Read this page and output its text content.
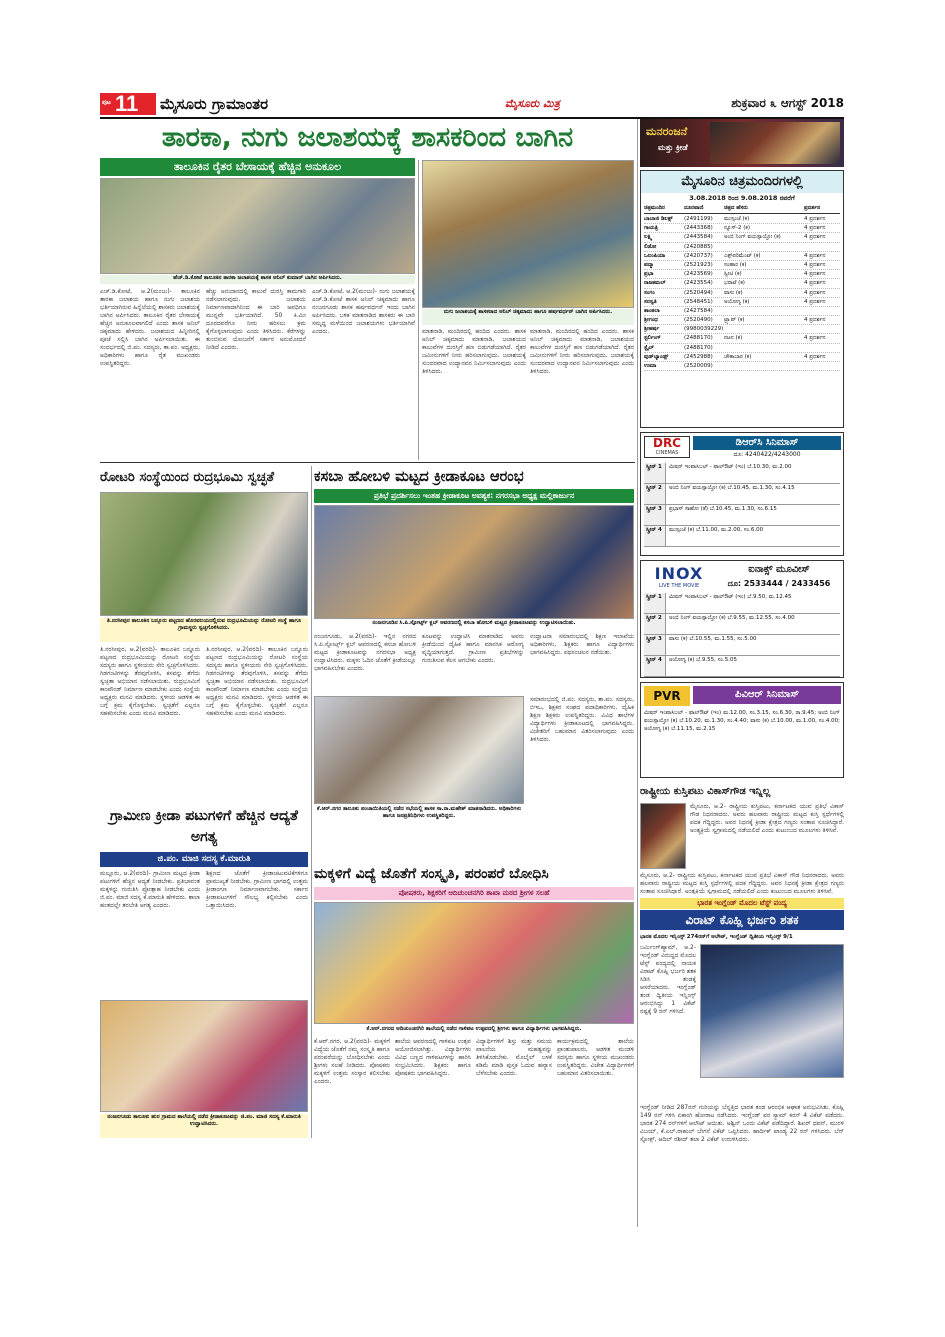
ಪುಟ 11 ಮೈಸೂರು ಗ್ರಾಮಾಂತರ	ಮೈಸೂರು ಮಿತ್ರ	ಶುಕ್ರವಾರ ೩ ಆಗಸ್ಟ್ 2018
ತಾರಕಾ, ನುಗು ಜಲಾಶಯಕ್ಕೆ ಶಾಸಕರಿಂದ ಬಾಗಿನ	ಮನರಂಜನೆ
ಮತ್ತು ಕ್ರೀಡೆ
ತಾಲೂಕಿನ ರೈತರ ಬೇಸಾಯಕ್ಕೆ ಹೆಚ್ಚಿನ ಅನುಕೂಲ
ಹೆಚ್.ಡಿ.ಕೋಟೆ ತಾಲೂಕಿನ ತಾರಕಾ ಜಲಾಶಯಕ್ಕೆ ಶಾಸಕ ಅನಿಲ್ ಕುಮಾರ್ ಬಾಗಿನ ಅರ್ಪಿಸಿದರು.
ನುಗು ಜಲಾಶಯಕ್ಕೆ ಶಾಸಕರಾದ ಅನಿಲ್ ಚಿಕ್ಕಮಾದು ಹಾಗೂ ಹರ್ಷವರ್ಧನ್ ಬಾಗಿನ ಅರ್ಪಿಸಿದರು.
ಎಚ್.ಡಿ.ಕೋಟೆ, ಆ.2(ಮಂಜು)- ತಾಲೂಕಿನ ತಾರಕಾ ಜಲಾಶಯ ಹಾಗೂ ನುಗು ಜಲಾಶಯ ಭರ್ತಿಯಾಗಿರುವ ಹಿನ್ನೆಲೆಯಲ್ಲಿ ಶಾಸಕರು ಜಲಾಶಯಕ್ಕೆ ಬಾಗಿನ ಅರ್ಪಿಸಿದರು. ತಾಲೂಕಿನ ರೈತರ ಬೇಸಾಯಕ್ಕೆ ಹೆಚ್ಚಿನ ಅನುಕೂಲವಾಗಲಿದೆ ಎಂದು ಶಾಸಕ ಅನಿಲ್ ಚಿಕ್ಕಮಾದು ಹೇಳಿದರು. ಜಲಾಶಯದ ಹಿನ್ನೀರಿನಲ್ಲಿ ಪೂಜೆ ಸಲ್ಲಿಸಿ ಬಾಗಿನ ಅರ್ಪಿಸಲಾಯಿತು. ಈ ಸಂದರ್ಭದಲ್ಲಿ ಜಿ.ಪಂ. ಸದಸ್ಯರು, ತಾ.ಪಂ. ಅಧ್ಯಕ್ಷರು, ಅಧಿಕಾರಿಗಳು ಹಾಗೂ ರೈತ ಮುಖಂಡರು ಉಪಸ್ಥಿತರಿದ್ದರು.
ಹೆಚ್ಚು ಅನುದಾನದಲ್ಲಿ ಕಾಲುವೆ ದುರಸ್ತಿ ಕಾಮಗಾರಿ ನಡೆಸಲಾಗುವುದು. ಜಲಾಶಯ ನಿರ್ಮಾಣವಾದಾಗಿನಿಂದ ಈ ಬಾರಿ ಅವಧಿಗೂ ಮುನ್ನವೇ ಭರ್ತಿಯಾಗಿದೆ. 50 ಕಿ.ಮೀ ದೂರದವರೆಗೂ ನೀರು ಹರಿಸಲು ಕ್ರಮ ಕೈಗೊಳ್ಳಲಾಗುವುದು ಎಂದು ತಿಳಿಸಿದರು. ಕೆರೆಗಳನ್ನು ತುಂಬಿಸುವ ಯೋಜನೆಗೆ ಸರ್ಕಾರ ಅನುಮೋದನೆ ನೀಡಿದೆ ಎಂದರು.
ಎಚ್.ಡಿ.ಕೋಟೆ, ಆ.2(ಮಂಜು)- ನುಗು ಜಲಾಶಯಕ್ಕೆ ಎಚ್.ಡಿ.ಕೋಟೆ ಶಾಸಕ ಅನಿಲ್ ಚಿಕ್ಕಮಾದು ಹಾಗೂ ನಂಜನಗೂಡು ಶಾಸಕ ಹರ್ಷವರ್ಧನ್ ಇಂದು ಬಾಗಿನ ಅರ್ಪಿಸಿದರು. ಬಳಿಕ ಮಾತನಾಡಿದ ಶಾಸಕರು ಈ ಬಾರಿ ಸಮೃದ್ಧ ಮಳೆಯಿಂದ ಜಲಾಶಯಗಳು ಭರ್ತಿಯಾಗಿವೆ ಎಂದರು.	ಮಾತನಾಡಿ, ಮಂದಿರದಲ್ಲಿ ಹಂದಿದ ಎಂದರು. ಶಾಸಕ ಅನಿಲ್ ಚಿಕ್ಕಮಾದು ಮಾತನಾಡಿ, ಜಲಾಶಯದ ಕಾಲುವೆಗಳ ದುರಸ್ತಿಗೆ ಹಣ ಬಿಡುಗಡೆಯಾಗಿದೆ. ರೈತರ ಜಮೀನುಗಳಿಗೆ ನೀರು ಹರಿಸಲಾಗುವುದು. ಜಲಾಶಯಕ್ಕೆ ಸುಂದರವಾದ ಉದ್ಯಾನವನ ನಿರ್ಮಿಸಲಾಗುವುದು ಎಂದು ತಿಳಿಸಿದರು.
ಮಾತನಾಡಿ, ಮಂದಿರದಲ್ಲಿ ಹಂದಿದ ಎಂದರು. ಶಾಸಕ ಅನಿಲ್ ಚಿಕ್ಕಮಾದು ಮಾತನಾಡಿ, ಜಲಾಶಯದ ಕಾಲುವೆಗಳ ದುರಸ್ತಿಗೆ ಹಣ ಬಿಡುಗಡೆಯಾಗಿದೆ. ರೈತರ ಜಮೀನುಗಳಿಗೆ ನೀರು ಹರಿಸಲಾಗುವುದು. ಜಲಾಶಯಕ್ಕೆ ಸುಂದರವಾದ ಉದ್ಯಾನವನ ನಿರ್ಮಿಸಲಾಗುವುದು ಎಂದು ತಿಳಿಸಿದರು.
ಮೈಸೂರಿನ ಚಿತ್ರಮಂದಿರಗಳಲ್ಲಿ
3.08.2018 ರಿಂದ 9.08.2018 ರವರೆಗೆ
ಚಿತ್ರಮಂದಿರ	ದೂರವಾಣಿ	ಚಿತ್ರದ ಹೆಸರು	ಪ್ರದರ್ಶನ
ಬಾಲಾಜಿ ಡಿಲಕ್ಸ್	(2491199)	ಮುಸ್ಸಂಜೆ (ಕ)	4 ಪ್ರದರ್ಶನ
ಗಾಯತ್ರಿ	(2443368)	ನ್ಯೂಸ್-2 (ಕ)	4 ಪ್ರದರ್ಶನ
ಲಕ್ಷ್ಮಿ	(2443584)	ಅಂಬಿ ನಿಂಗ್ ವಯಸ್ಸಾಯ್ತೋ (ಕ)	4 ಪ್ರದರ್ಶನ
ಲಿಡೋ	(2420885)
ಒಲಂಪಿಯಾ	(2420737)	ಎಕ್ಸ್‌ಪರಿಮೆಂಟ್ (ಕ)	4 ಪ್ರದರ್ಶನ
ಪದ್ಮಾ	(2521923)	ಸಂಹಾರ (ಕ)	4 ಪ್ರದರ್ಶನ
ಪ್ರಭಾ	(2423569)	ಸ್ವೀಟಿ (ಕ)	4 ಪ್ರದರ್ಶನ
ರಾಜಕಮಲ್	(2423554)	ಭರಾಟೆ (ಕ)	4 ಪ್ರದರ್ಶನ
ಸಂಗಂ	(2520494)	ವಾಸು (ಕ)	4 ಪ್ರದರ್ಶನ
ಸರಸ್ವತಿ	(2548451)	ಅಯೋಗ್ಯ (ಕ)	4 ಪ್ರದರ್ಶನ
ಶಾಂತಲಾ	(2427584)
ಶ್ರೀಗಂಧ	(2520490)	ಟ್ರ್ಯಾಪ್ (ಕ)	4 ಪ್ರದರ್ಶನ
ಶ್ರೀಹರ್ಷ	(9980039229)
ಸ್ಟರ್ಲಿಂಗ್	(2488170)	ನಟನ (ಕ)	4 ಪ್ರದರ್ಶನ
ಸ್ಟೈಲ್	(2488170)
ವುಡ್‌ಲ್ಯಾಂಡ್ಸ್	(2452988)	ಚೌಕಾಬಾರ (ಕ)	4 ಪ್ರದರ್ಶನ
ಉಮಾ	(2520009)
DRC
CINEMAS
ಡಿಆರ್‌ಸಿ ಸಿನಿಮಾಸ್
ದೂ: 4240422/4243000
ಸ್ಕ್ರೀನ್ 1	ಮಿಷನ್ ಇಂಪಾಸಿಬಲ್ - ಫಾಲ್‌ಔಟ್ (ಇಂ) ಬೆ.10.30, ಮ.2.00
ಸ್ಕ್ರೀನ್ 2	ಅಂಬಿ ನಿಂಗ್ ವಯಸ್ಸಾಯ್ತೋ (ಕ) ಬೆ.10.45, ಮ.1.30, ಸಂ.4.15
ಸ್ಕ್ರೀನ್ 3	ಪ್ರಭಾಸ್ ಸಾಹೋ (ತೆ) ಬೆ.10.45, ಮ.1.30, ಸಂ.6.15
ಸ್ಕ್ರೀನ್ 4	ಮುಸ್ಸಂಜೆ (ಕ) ಬೆ.11.00, ಮ.2.00, ಸಂ.6.00
INOX
LIVE THE MOVIE
ಐನಾಕ್ಸ್ ಮೂವೀಸ್
ದೂ: 2533444 / 2433456
ಸ್ಕ್ರೀನ್ 1	ಮಿಷನ್ ಇಂಪಾಸಿಬಲ್ - ಫಾಲ್‌ಔಟ್ (ಇಂ) ಬೆ.9.50, ಮ.12.45
ಸ್ಕ್ರೀನ್ 2	ಅಂಬಿ ನಿಂಗ್ ವಯಸ್ಸಾಯ್ತೋ (ಕ) ಬೆ.9.55, ಮ.12.55, ಸಂ.4.00
ಸ್ಕ್ರೀನ್ 3	ವಾಸು (ಕ) ಬೆ.10.55, ಮ.1.55, ಸಂ.5.00
ಸ್ಕ್ರೀನ್ 4	ಅಯೋಗ್ಯ (ಕ) ಬೆ.9.55, ಸಂ.5.05
PVR	ಪಿವಿಆರ್ ಸಿನಿಮಾಸ್
ಮಿಷನ್ ಇಂಪಾಸಿಬಲ್ - ಫಾಲ್‌ಔಟ್ (ಇಂ) ಮ.12.00, ಸಂ.3.15, ಸಂ.6.30, ರಾ.9.45; ಅಂಬಿ ನಿಂಗ್ ವಯಸ್ಸಾಯ್ತೋ (ಕ) ಬೆ.10.20, ಮ.1.30, ಸಂ.4.40; ವಾಸು (ಕ) ಬೆ.10.00, ಮ.1.00, ಸಂ.4.00; ಅಯೋಗ್ಯ (ಕ) ಬೆ.11.15, ಮ.2.15
ರೋಟರಿ ಸಂಸ್ಥೆಯಿಂದ ರುದ್ರಭೂಮಿ ಸ್ವಚ್ಛತೆ
ತಿ.ನರಸೀಪುರ ತಾಲೂಕಿನ ಬನ್ನೂರು ಪಟ್ಟಣದ ಹೊರವಲಯದಲ್ಲಿರುವ ರುದ್ರಭೂಮಿಯನ್ನು ರೋಟರಿ ಸಂಸ್ಥೆ ಹಾಗೂ ಗ್ರಾಮಸ್ಥರು ಸ್ವಚ್ಛಗೊಳಿಸಿದರು.
ತಿ.ನರಸೀಪುರ, ಆ.2(ವರದಿ)- ತಾಲೂಕಿನ ಬನ್ನೂರು ಪಟ್ಟಣದ ರುದ್ರಭೂಮಿಯನ್ನು ರೋಟರಿ ಸಂಸ್ಥೆಯ ಸದಸ್ಯರು ಹಾಗೂ ಸ್ಥಳೀಯರು ಸೇರಿ ಸ್ವಚ್ಛಗೊಳಿಸಿದರು. ಗಿಡಗಂಟಿಗಳನ್ನು ತೆರವುಗೊಳಿಸಿ, ಕಸವನ್ನು ತೆಗೆದು ಸ್ವಚ್ಛತಾ ಅಭಿಯಾನ ನಡೆಸಲಾಯಿತು. ರುದ್ರಭೂಮಿಗೆ ಕಾಂಪೌಂಡ್ ನಿರ್ಮಾಣ ಮಾಡಬೇಕು ಎಂದು ಸಂಸ್ಥೆಯ ಅಧ್ಯಕ್ಷರು ಮನವಿ ಮಾಡಿದರು. ಸ್ಥಳೀಯ ಆಡಳಿತ ಈ ಬಗ್ಗೆ ಕ್ರಮ ಕೈಗೊಳ್ಳಬೇಕು. ಸ್ವಚ್ಛತೆಗೆ ಎಲ್ಲರೂ ಸಹಕರಿಸಬೇಕು ಎಂದು ಮನವಿ ಮಾಡಿದರು.
ತಿ.ನರಸೀಪುರ, ಆ.2(ವರದಿ)- ತಾಲೂಕಿನ ಬನ್ನೂರು ಪಟ್ಟಣದ ರುದ್ರಭೂಮಿಯನ್ನು ರೋಟರಿ ಸಂಸ್ಥೆಯ ಸದಸ್ಯರು ಹಾಗೂ ಸ್ಥಳೀಯರು ಸೇರಿ ಸ್ವಚ್ಛಗೊಳಿಸಿದರು. ಗಿಡಗಂಟಿಗಳನ್ನು ತೆರವುಗೊಳಿಸಿ, ಕಸವನ್ನು ತೆಗೆದು ಸ್ವಚ್ಛತಾ ಅಭಿಯಾನ ನಡೆಸಲಾಯಿತು. ರುದ್ರಭೂಮಿಗೆ ಕಾಂಪೌಂಡ್ ನಿರ್ಮಾಣ ಮಾಡಬೇಕು ಎಂದು ಸಂಸ್ಥೆಯ ಅಧ್ಯಕ್ಷರು ಮನವಿ ಮಾಡಿದರು. ಸ್ಥಳೀಯ ಆಡಳಿತ ಈ ಬಗ್ಗೆ ಕ್ರಮ ಕೈಗೊಳ್ಳಬೇಕು. ಸ್ವಚ್ಛತೆಗೆ ಎಲ್ಲರೂ ಸಹಕರಿಸಬೇಕು ಎಂದು ಮನವಿ ಮಾಡಿದರು.
ಕಸಬಾ ಹೋಬಳಿ ಮಟ್ಟದ ಕ್ರೀಡಾಕೂಟ ಆರಂಭ
ಪ್ರತಿಭೆ ಪ್ರದರ್ಶಿಸಲು ಇಂತಹ ಕ್ರೀಡಾಕೂಟ ಅವಶ್ಯಕ: ನಗರಸಭಾ ಅಧ್ಯಕ್ಷ ಮಲ್ಲಿಕಾರ್ಜುನ
ನಂಜನಗೂಡಿನ ಸಿ.ಪಿ.ಸ್ಪೋರ್ಟ್ಸ್ ಕ್ಲಬ್ ಆವರಣದಲ್ಲಿ ಕಸಬಾ ಹೋಬಳಿ ಮಟ್ಟದ ಕ್ರೀಡಾಕೂಟವನ್ನು ಉದ್ಘಾಟಿಸಲಾಯಿತು.
ನಂಜನಗೂಡು, ಆ.2(ವರದಿ)- ಇಲ್ಲಿನ ನಗರದ ಸಿ.ಪಿ.ಸ್ಪೋರ್ಟ್ಸ್ ಕ್ಲಬ್ ಆವರಣದಲ್ಲಿ ಕಸಬಾ ಹೋಬಳಿ ಮಟ್ಟದ ಕ್ರೀಡಾಕೂಟವನ್ನು ನಗರಸಭಾ ಅಧ್ಯಕ್ಷ ಉದ್ಘಾಟಿಸಿದರು. ಮಕ್ಕಳು ಓದಿನ ಜೊತೆಗೆ ಕ್ರೀಡೆಯಲ್ಲೂ ಭಾಗವಹಿಸಬೇಕು ಎಂದರು.
ಕೂಟವನ್ನು ಉದ್ಘಾಟಿಸಿ ಮಾತನಾಡಿದ ಅವರು ಕ್ರೀಡೆಯಿಂದ ದೈಹಿಕ ಹಾಗೂ ಮಾನಸಿಕ ಆರೋಗ್ಯ ವೃದ್ಧಿಯಾಗುತ್ತದೆ. ಗ್ರಾಮೀಣ ಪ್ರತಿಭೆಗಳನ್ನು ಗುರುತಿಸುವ ಕೆಲಸ ಆಗಬೇಕು ಎಂದರು.
ಉದ್ಘಾಟನಾ ಸಮಾರಂಭದಲ್ಲಿ ಶಿಕ್ಷಣ ಇಲಾಖೆಯ ಅಧಿಕಾರಿಗಳು, ಶಿಕ್ಷಕರು ಹಾಗೂ ವಿದ್ಯಾರ್ಥಿಗಳು ಭಾಗವಹಿಸಿದ್ದರು. ಪಥಸಂಚಲನ ನಡೆಯಿತು.
ಕೆ.ಆರ್.ನಗರ ತಾಲೂಕು ಪಂಚಾಯಿತಿಯಲ್ಲಿ ನಡೆದ ಸಭೆಯಲ್ಲಿ ಶಾಸಕ ಸಾ.ರಾ.ಮಹೇಶ್ ಮಾತನಾಡಿದರು. ಅಧಿಕಾರಿಗಳು ಹಾಗೂ ಜನಪ್ರತಿನಿಧಿಗಳು ಉಪಸ್ಥಿತರಿದ್ದರು.
ಸಮಾರಂಭದಲ್ಲಿ ಜಿ.ಪಂ. ಸದಸ್ಯರು, ತಾ.ಪಂ. ಸದಸ್ಯರು, ಬಿಇಒ, ಶಿಕ್ಷಕರ ಸಂಘದ ಪದಾಧಿಕಾರಿಗಳು, ದೈಹಿಕ ಶಿಕ್ಷಣ ಶಿಕ್ಷಕರು ಉಪಸ್ಥಿತರಿದ್ದರು. ವಿವಿಧ ಶಾಲೆಗಳ ವಿದ್ಯಾರ್ಥಿಗಳು ಕ್ರೀಡಾಕೂಟದಲ್ಲಿ ಭಾಗವಹಿಸಿದ್ದರು. ವಿಜೇತರಿಗೆ ಬಹುಮಾನ ವಿತರಿಸಲಾಗುವುದು ಎಂದು ತಿಳಿಸಿದರು.
ಗ್ರಾಮೀಣ ಕ್ರೀಡಾ ಪಟುಗಳಿಗೆ ಹೆಚ್ಚಿನ ಆದ್ಯತೆ ಅಗತ್ಯ
ಜಿ.ಪಂ. ಮಾಜಿ ಸದಸ್ಯ ಕೆ.ಮಾರುತಿ
ಮಲ್ಲೂರು, ಆ.2(ವರದಿ)- ಗ್ರಾಮೀಣ ಮಟ್ಟದ ಕ್ರೀಡಾ ಪಟುಗಳಿಗೆ ಹೆಚ್ಚಿನ ಆದ್ಯತೆ ನೀಡಬೇಕು. ಪ್ರತಿಭಾವಂತ ಮಕ್ಕಳನ್ನು ಗುರುತಿಸಿ ಪ್ರೋತ್ಸಾಹ ನೀಡಬೇಕು ಎಂದು ಜಿ.ಪಂ. ಮಾಜಿ ಸದಸ್ಯ ಕೆ.ಮಾರುತಿ ಹೇಳಿದರು. ಶಾಲಾ ಹಂತದಲ್ಲೇ ತರಬೇತಿ ಅಗತ್ಯ ಎಂದರು.
ಶಿಕ್ಷಣದ ಜೊತೆಗೆ ಕ್ರೀಡಾಚಟುವಟಿಕೆಗಳಿಗೂ ಪ್ರಾಮುಖ್ಯತೆ ನೀಡಬೇಕು. ಗ್ರಾಮೀಣ ಭಾಗದಲ್ಲಿ ಉತ್ತಮ ಕ್ರೀಡಾಂಗಣ ನಿರ್ಮಾಣವಾಗಬೇಕು. ಸರ್ಕಾರ ಕ್ರೀಡಾಪಟುಗಳಿಗೆ ಸೌಲಭ್ಯ ಕಲ್ಪಿಸಬೇಕು ಎಂದು ಒತ್ತಾಯಿಸಿದರು.
ನಂಜನಗೂಡು ತಾಲೂಕು ಹುರ ಗ್ರಾಮದ ಶಾಲೆಯಲ್ಲಿ ನಡೆದ ಕ್ರೀಡಾಕೂಟವನ್ನು ಜಿ.ಪಂ. ಮಾಜಿ ಸದಸ್ಯ ಕೆ.ಮಾರುತಿ ಉದ್ಘಾಟಿಸಿದರು.
ಮಕ್ಕಳಿಗೆ ವಿದ್ಯೆ ಜೊತೆಗೆ ಸಂಸ್ಕೃತಿ, ಪರಂಪರೆ ಬೋಧಿಸಿ
ಪೋಷಕರು, ಶಿಕ್ಷಕರಿಗೆ ಆದಿಚುಂಚನಗಿರಿ ಶಾಖಾ ಮಠದ ಶ್ರೀಗಳ ಸಲಹೆ
ಕೆ.ಆರ್.ನಗರದ ಆದಿಚುಂಚನಗಿರಿ ಶಾಲೆಯಲ್ಲಿ ನಡೆದ ಗಾಳಿಪಟ ಉತ್ಸವದಲ್ಲಿ ಶ್ರೀಗಳು ಹಾಗೂ ವಿದ್ಯಾರ್ಥಿಗಳು ಭಾಗವಹಿಸಿದ್ದರು.
ಕೆ.ಆರ್.ನಗರ, ಆ.2(ವರದಿ)- ಮಕ್ಕಳಿಗೆ ವಿದ್ಯೆಯ ಜೊತೆಗೆ ನಮ್ಮ ಸಂಸ್ಕೃತಿ ಹಾಗೂ ಪರಂಪರೆಯನ್ನು ಬೋಧಿಸಬೇಕು ಎಂದು ಶ್ರೀಗಳು ಸಲಹೆ ನೀಡಿದರು. ಪೋಷಕರು ಮಕ್ಕಳಿಗೆ ಉತ್ತಮ ಸಂಸ್ಕಾರ ಕಲಿಸಬೇಕು ಎಂದರು.
ಶಾಲೆಯ ಆವರಣದಲ್ಲಿ ಗಾಳಿಪಟ ಉತ್ಸವ ಆಯೋಜಿಸಲಾಗಿತ್ತು. ವಿದ್ಯಾರ್ಥಿಗಳು ವಿವಿಧ ಬಣ್ಣದ ಗಾಳಿಪಟಗಳನ್ನು ಹಾರಿಸಿ ಸಂಭ್ರಮಿಸಿದರು. ಶಿಕ್ಷಕರು ಹಾಗೂ ಪೋಷಕರು ಭಾಗವಹಿಸಿದ್ದರು.
ವಿದ್ಯಾರ್ಥಿಗಳಿಗೆ ಶಿಸ್ತು ಮತ್ತು ಸಮಯ ಪಾಲನೆಯ ಮಹತ್ವವನ್ನು ತಿಳಿಸಿಕೊಡಬೇಕು. ಮೊಬೈಲ್ ಬಳಕೆ ಕಡಿಮೆ ಮಾಡಿ ಪುಸ್ತಕ ಓದುವ ಹವ್ಯಾಸ ಬೆಳೆಸಬೇಕು ಎಂದರು.
ಕಾರ್ಯಕ್ರಮದಲ್ಲಿ ಶಾಲೆಯ ಪ್ರಾಂಶುಪಾಲರು, ಆಡಳಿತ ಮಂಡಳಿ ಸದಸ್ಯರು ಹಾಗೂ ಸ್ಥಳೀಯ ಮುಖಂಡರು ಉಪಸ್ಥಿತರಿದ್ದರು. ವಿಜೇತ ವಿದ್ಯಾರ್ಥಿಗಳಿಗೆ ಬಹುಮಾನ ವಿತರಿಸಲಾಯಿತು.
ರಾಷ್ಟ್ರೀಯ ಕುಸ್ತಿಪಟು ವಿಕಾಸ್‌ಗೌಡ ಇನ್ನಿಲ್ಲ
ಮೈಸೂರು, ಆ.2- ರಾಷ್ಟ್ರೀಯ ಕುಸ್ತಿಪಟು, ಕರ್ನಾಟಕದ ಯುವ ಪ್ರತಿಭೆ ವಿಕಾಸ್ ಗೌಡ ನಿಧನರಾದರು. ಅವರು ಹಲವಾರು ರಾಷ್ಟ್ರೀಯ ಮಟ್ಟದ ಕುಸ್ತಿ ಸ್ಪರ್ಧೆಗಳಲ್ಲಿ ಪದಕ ಗೆದ್ದಿದ್ದರು. ಅವರ ನಿಧನಕ್ಕೆ ಕ್ರೀಡಾ ಕ್ಷೇತ್ರದ ಗಣ್ಯರು ಸಂತಾಪ ಸೂಚಿಸಿದ್ದಾರೆ. ಅಂತ್ಯಕ್ರಿಯೆ ಸ್ವಗ್ರಾಮದಲ್ಲಿ ನಡೆಯಲಿದೆ ಎಂದು ಕುಟುಂಬದ ಮೂಲಗಳು ತಿಳಿಸಿವೆ.
ಮೈಸೂರು, ಆ.2- ರಾಷ್ಟ್ರೀಯ ಕುಸ್ತಿಪಟು, ಕರ್ನಾಟಕದ ಯುವ ಪ್ರತಿಭೆ ವಿಕಾಸ್ ಗೌಡ ನಿಧನರಾದರು. ಅವರು ಹಲವಾರು ರಾಷ್ಟ್ರೀಯ ಮಟ್ಟದ ಕುಸ್ತಿ ಸ್ಪರ್ಧೆಗಳಲ್ಲಿ ಪದಕ ಗೆದ್ದಿದ್ದರು. ಅವರ ನಿಧನಕ್ಕೆ ಕ್ರೀಡಾ ಕ್ಷೇತ್ರದ ಗಣ್ಯರು ಸಂತಾಪ ಸೂಚಿಸಿದ್ದಾರೆ. ಅಂತ್ಯಕ್ರಿಯೆ ಸ್ವಗ್ರಾಮದಲ್ಲಿ ನಡೆಯಲಿದೆ ಎಂದು ಕುಟುಂಬದ ಮೂಲಗಳು ತಿಳಿಸಿವೆ.
ಭಾರತ ಇಂಗ್ಲೆಂಡ್ ಮೊದಲ ಟೆಸ್ಟ್ ಪಂದ್ಯ
ವಿರಾಟ್ ಕೊಹ್ಲಿ ಭರ್ಜರಿ ಶತಕ
ಭಾರತ ಮೊದಲ ಇನ್ನಿಂಗ್ಸ್ 274ರನ್‌ಗೆ ಆಲೌಟ್, ಇಂಗ್ಲೆಂಡ್ ದ್ವಿತೀಯ ಇನ್ನಿಂಗ್ಸ್ 9/1
ಬರ್ಮಿಂಗ್‌ಹ್ಯಾಮ್, ಆ.2- ಇಂಗ್ಲೆಂಡ್ ವಿರುದ್ಧದ ಮೊದಲ ಟೆಸ್ಟ್ ಪಂದ್ಯದಲ್ಲಿ ನಾಯಕ ವಿರಾಟ್ ಕೊಹ್ಲಿ ಭರ್ಜರಿ ಶತಕ ಸಿಡಿಸಿ ತಂಡಕ್ಕೆ ಆಸರೆಯಾದರು. ಇಂಗ್ಲೆಂಡ್ ತಂಡ ದ್ವಿತೀಯ ಇನ್ನಿಂಗ್ಸ್ ಆರಂಭಿಸಿದ್ದು 1 ವಿಕೆಟ್ ನಷ್ಟಕ್ಕೆ 9 ರನ್ ಗಳಿಸಿದೆ.
ಇಂಗ್ಲೆಂಡ್ ನೀಡಿದ 287ರನ್ ಗುರಿಯನ್ನು ಬೆನ್ನತ್ತಿದ ಭಾರತ ತಂಡ ಆರಂಭಿಕ ಆಘಾತ ಅನುಭವಿಸಿತು. ಕೊಹ್ಲಿ 149 ರನ್ ಗಳಿಸಿ ಏಕಾಂಗಿ ಹೋರಾಟ ನಡೆಸಿದರು. ಇಂಗ್ಲೆಂಡ್ ಪರ ಸ್ಯಾಮ್ ಕರನ್ 4 ವಿಕೆಟ್ ಪಡೆದರು. ಭಾರತ 274 ರನ್‌ಗಳಿಗೆ ಆಲೌಟ್ ಆಯಿತು. ಅಶ್ವಿನ್ ಒಂದು ವಿಕೆಟ್ ಪಡೆದಿದ್ದಾರೆ. ಶಿಖರ್ ಧವನ್, ಮುರಳಿ ವಿಜಯ್, ಕೆ.ಎಲ್.ರಾಹುಲ್ ಬೇಗನೆ ವಿಕೆಟ್ ಒಪ್ಪಿಸಿದರು. ಹಾರ್ದಿಕ್ ಪಾಂಡ್ಯ 22 ರನ್ ಗಳಿಸಿದರು. ಬೆನ್ ಸ್ಟೋಕ್ಸ್, ಆದಿಲ್ ರಶೀದ್ ತಲಾ 2 ವಿಕೆಟ್ ಉರುಳಿಸಿದರು.
